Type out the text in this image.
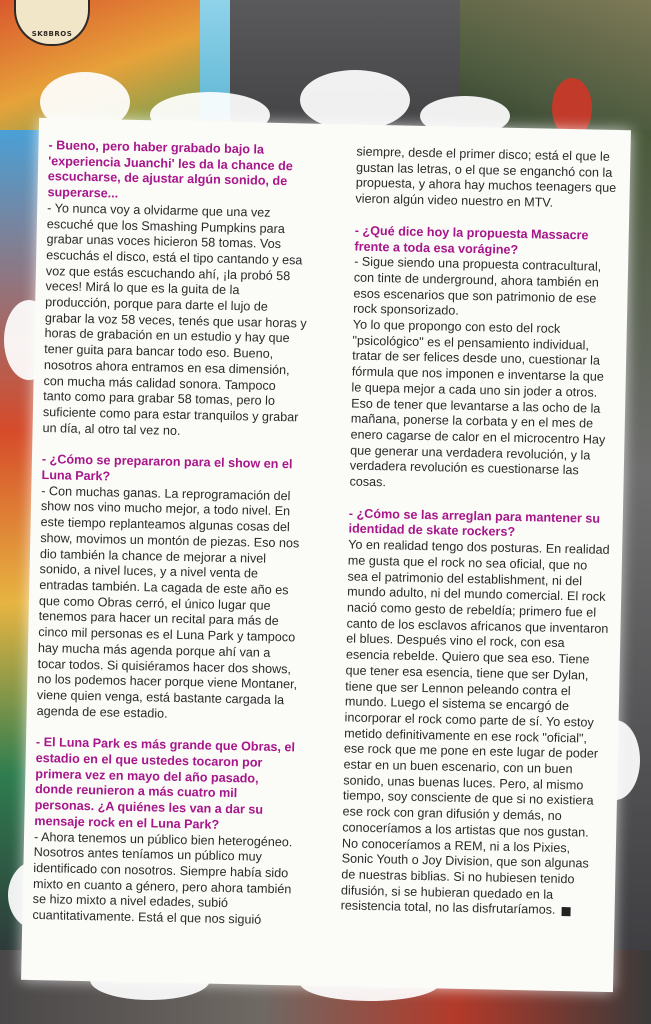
SK8BROS

- Bueno, pero haber grabado bajo la 'experiencia Juanchi' les da la chance de escucharse, de ajustar algún sonido, de superarse...

- Yo nunca voy a olvidarme que una vez escuché que los Smashing Pumpkins para grabar unas voces hicieron 58 tomas. Vos escuchás el disco, está el tipo cantando y esa voz que estás escuchando ahí, ¡la probó 58 veces! Mirá lo que es la guita de la producción, porque para darte el lujo de grabar la voz 58 veces, tenés que usar horas y horas de grabación en un estudio y hay que tener guita para bancar todo eso. Bueno, nosotros ahora entramos en esa dimensión, con mucha más calidad sonora. Tampoco tanto como para grabar 58 tomas, pero lo suficiente como para estar tranquilos y grabar un día, al otro tal vez no.

- ¿Cómo se prepararon para el show en el Luna Park?

- Con muchas ganas. La reprogramación del show nos vino mucho mejor, a todo nivel. En este tiempo replanteamos algunas cosas del show, movimos un montón de piezas. Eso nos dio también la chance de mejorar a nivel sonido, a nivel luces, y a nivel venta de entradas también. La cagada de este año es que como Obras cerró, el único lugar que tenemos para hacer un recital para más de cinco mil personas es el Luna Park y tampoco hay mucha más agenda porque ahí van a tocar todos. Si quisiéramos hacer dos shows, no los podemos hacer porque viene Montaner, viene quien venga, está bastante cargada la agenda de ese estadio.

- El Luna Park es más grande que Obras, el estadio en el que ustedes tocaron por primera vez en mayo del año pasado, donde reunieron a más cuatro mil personas. ¿A quiénes les van a dar su mensaje rock en el Luna Park?

- Ahora tenemos un público bien heterogéneo. Nosotros antes teníamos un público muy identificado con nosotros. Siempre había sido mixto en cuanto a género, pero ahora también se hizo mixto a nivel edades, subió cuantitativamente. Está el que nos siguió

siempre, desde el primer disco; está el que le gustan las letras, o el que se enganchó con la propuesta, y ahora hay muchos teenagers que vieron algún video nuestro en MTV.

- ¿Qué dice hoy la propuesta Massacre frente a toda esa vorágine?

- Sigue siendo una propuesta contracultural, con tinte de underground, ahora también en esos escenarios que son patrimonio de ese rock sponsorizado.

Yo lo que propongo con esto del rock "psicológico" es el pensamiento individual, tratar de ser felices desde uno, cuestionar la fórmula que nos imponen e inventarse la que le quepa mejor a cada uno sin joder a otros. Eso de tener que levantarse a las ocho de la mañana, ponerse la corbata y en el mes de enero cagarse de calor en el microcentro Hay que generar una verdadera revolución, y la verdadera revolución es cuestionarse las cosas.

- ¿Cómo se las arreglan para mantener su identidad de skate rockers?

Yo en realidad tengo dos posturas. En realidad me gusta que el rock no sea oficial, que no sea el patrimonio del establishment, ni del mundo adulto, ni del mundo comercial. El rock nació como gesto de rebeldía; primero fue el canto de los esclavos africanos que inventaron el blues. Después vino el rock, con esa esencia rebelde. Quiero que sea eso. Tiene que tener esa esencia, tiene que ser Dylan, tiene que ser Lennon peleando contra el mundo. Luego el sistema se encargó de incorporar el rock como parte de sí. Yo estoy metido definitivamente en ese rock "oficial", ese rock que me pone en este lugar de poder estar en un buen escenario, con un buen sonido, unas buenas luces. Pero, al mismo tiempo, soy consciente de que si no existiera ese rock con gran difusión y demás, no conoceríamos a los artistas que nos gustan. No conoceríamos a REM, ni a los Pixies, Sonic Youth o Joy Division, que son algunas de nuestras biblias. Si no hubiesen tenido difusión, si se hubieran quedado en la resistencia total, no las disfrutaríamos.
